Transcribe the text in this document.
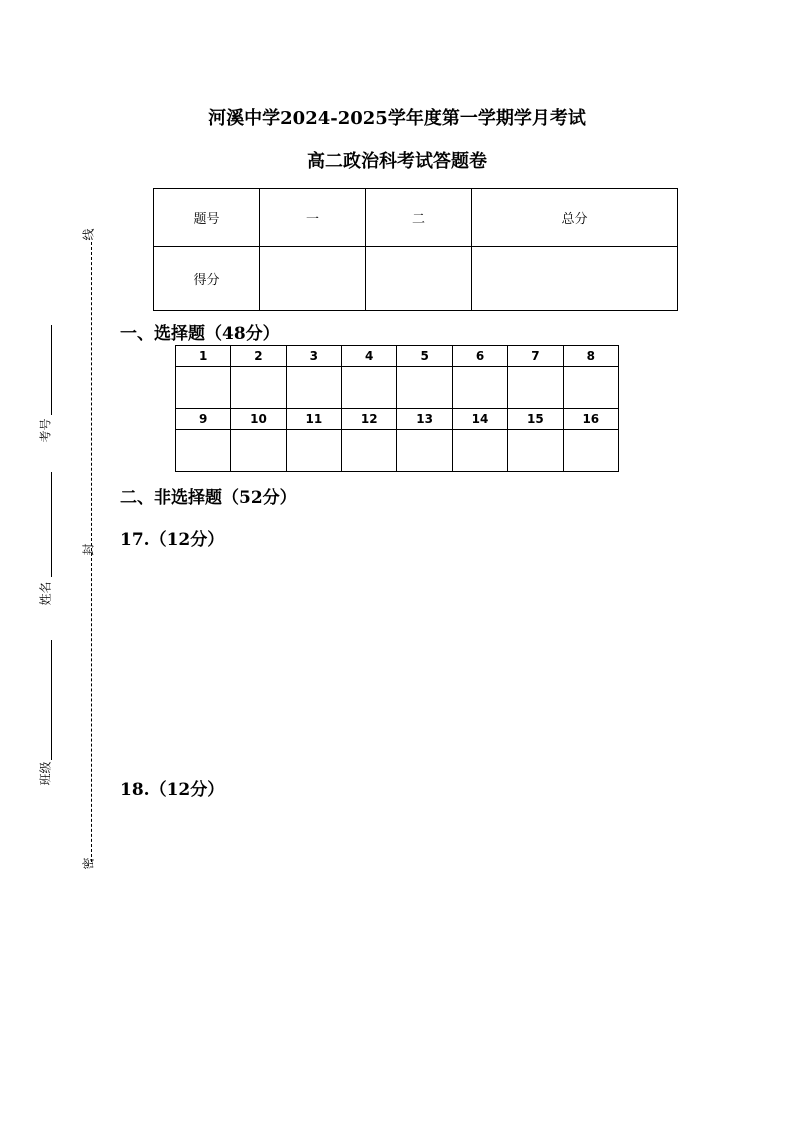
河溪中学2024-2025学年度第一学期学月考试
高二政治科考试答题卷
题号	一	二	总分
得分			
一、选择题（48分）
1	2	3	4	5	6	7	8

9	10	11	12	13	14	15	16

二、非选择题（52分）
17.（12分）
18.（12分）
线
封
密
考号
姓名
班级
